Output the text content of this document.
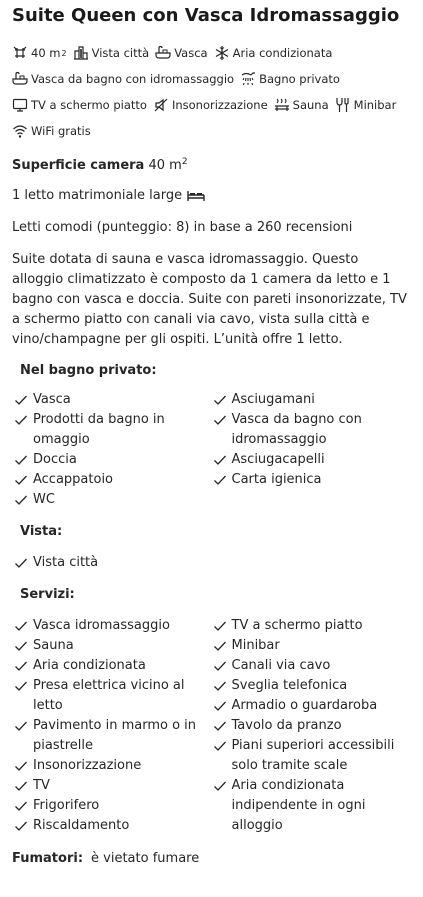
Suite Queen con Vasca Idromassaggio
40 m 2 Vista città Vasca Aria condizionata
Vasca da bagno con idromassaggio Bagno privato
TV a schermo piatto Insonorizzazione Sauna Minibar
WiFi gratis
Superficie camera 40 $m^2$
1 letto matrimoniale large
Letti comodi (punteggio: 8) in base a 260 recensioni
Suite dotata di sauna e vasca idromassaggio. Questo alloggio climatizzato è composto da 1 camera da letto e 1 bagno con vasca e doccia. Suite con pareti insonorizzate, TV a schermo piatto con canali via cavo, vista sulla città e vino/champagne per gli ospiti. L’unità offre 1 letto.
Nel bagno privato:
Vasca
Prodotti da bagno in omaggio
Doccia
Accappatoio
WC
Asciugamani
Vasca da bagno con idromassaggio
Asciugacapelli
Carta igienica
Vista:
Vista città
Servizi:
Vasca idromassaggio
Sauna
Aria condizionata
Presa elettrica vicino al letto
Pavimento in marmo o in piastrelle
Insonorizzazione
TV
Frigorifero
Riscaldamento
TV a schermo piatto
Minibar
Canali via cavo
Sveglia telefonica
Armadio o guardaroba
Tavolo da pranzo
Piani superiori accessibili solo tramite scale
Aria condizionata indipendente in ogni alloggio
Fumatori: è vietato fumare
